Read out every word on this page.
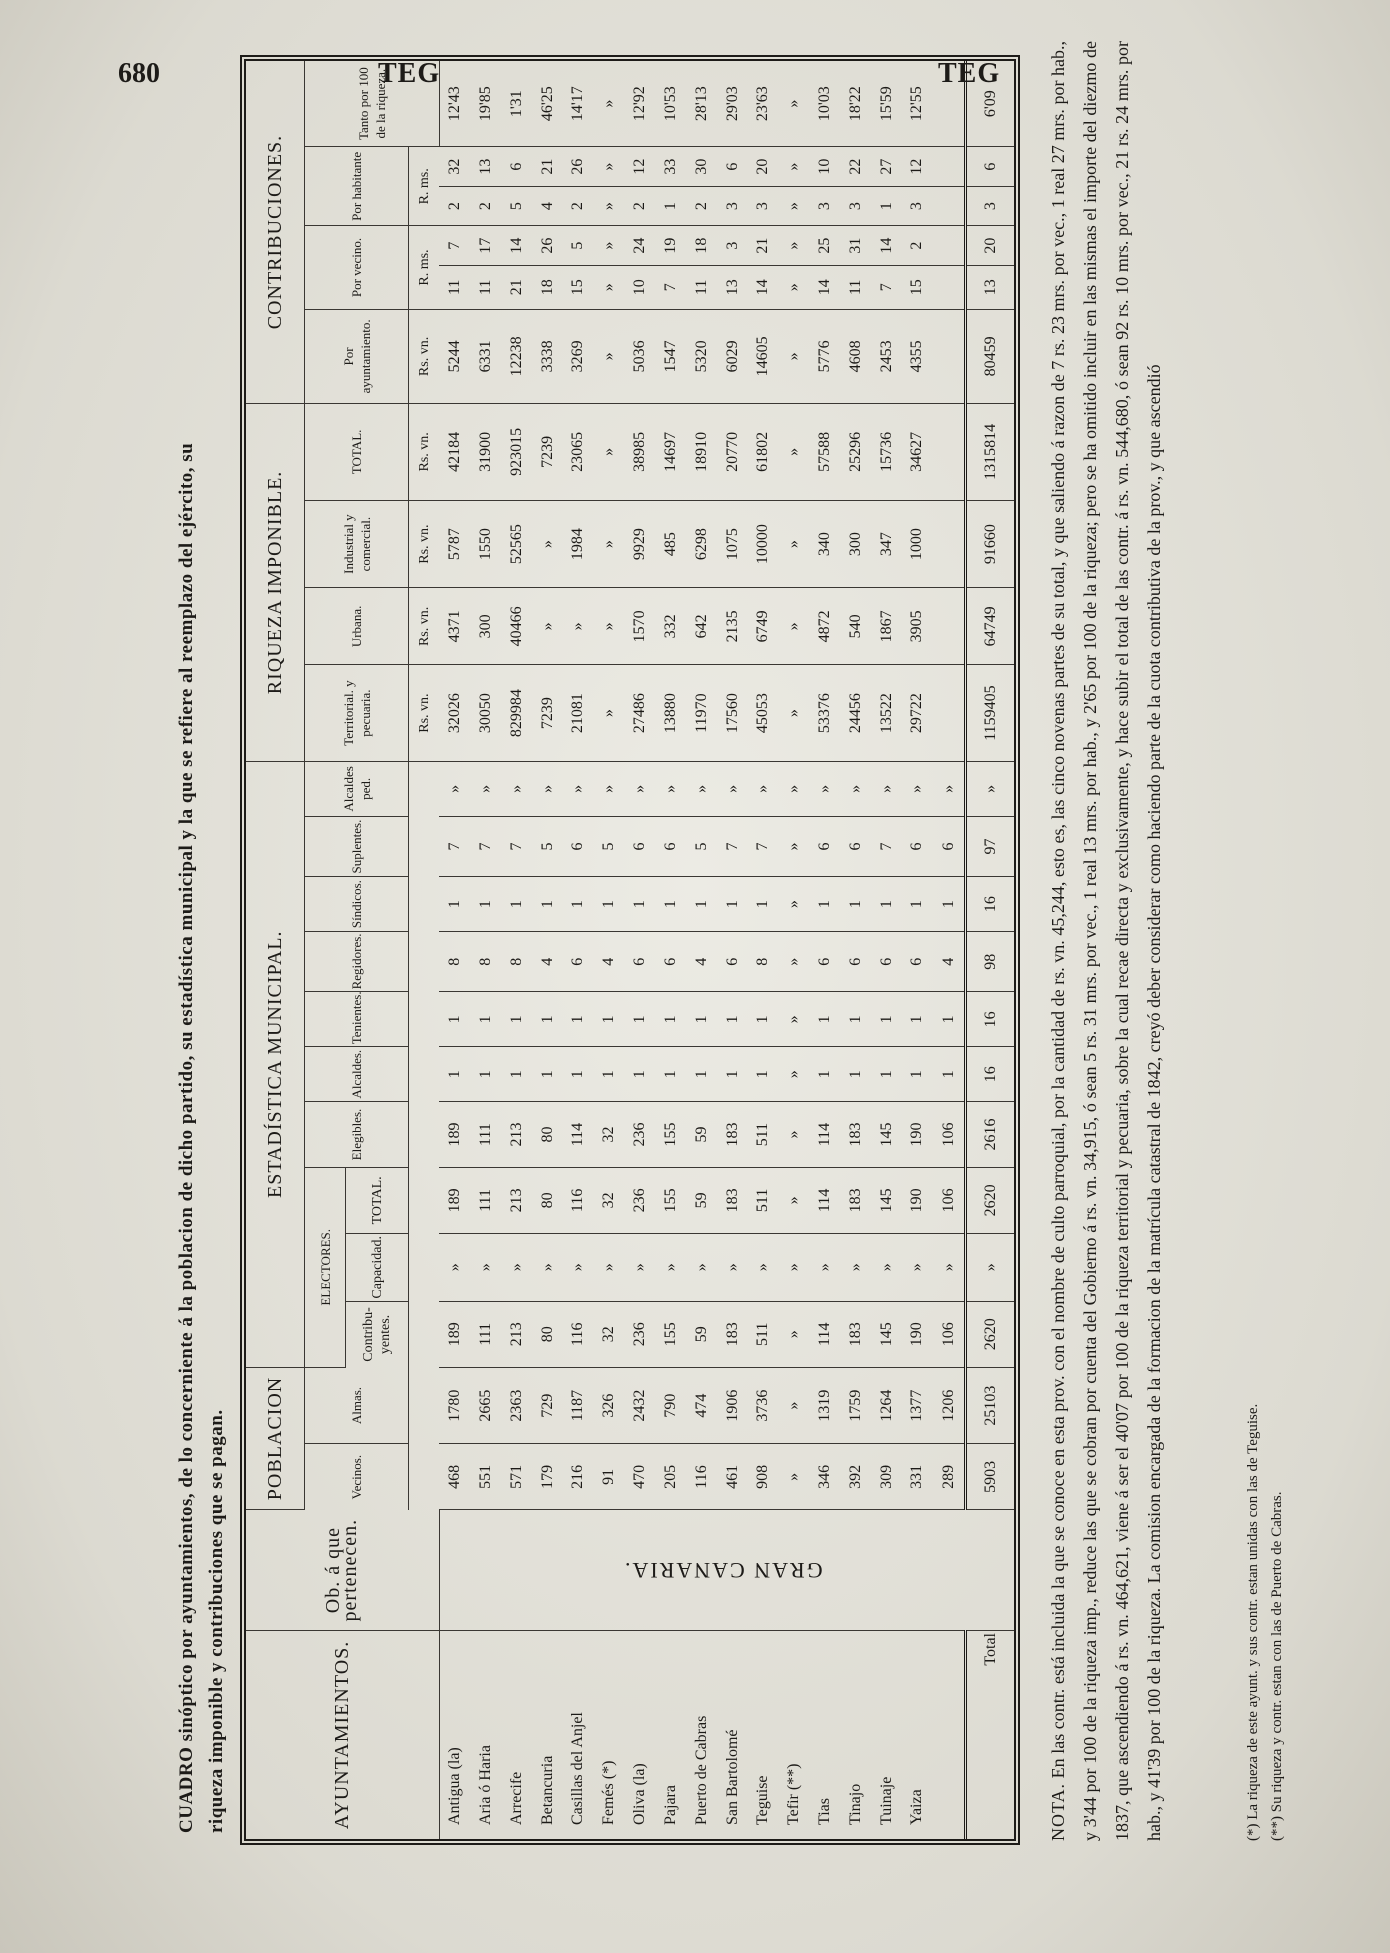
680	TEG	TEG
CUADRO sinóptico por ayuntamientos, de lo concerniente á la poblacion de dicho partido, su estadística municipal y la que se refiere al reemplazo del ejército, su riqueza imponible y contribuciones que se pagan.	AYUNTAMIENTOS.	Ob. á que pertenecen.	POBLACION		ESTADÍSTICA MUNICIPAL.										RIQUEZA IMPONIBLE.				CONTRIBUCIONES.					
		Vecinos.	Almas.	ELECTORES.			Elegibles.	Alcaldes.	Tenientes.	Regidores.	Síndicos.	Suplentes.	Alcaldes ped.	Territorial. y pecuaria.	Urbana.	Industrial y comercial.	TOTAL.	Por ayuntamiento.	Por vecino.		Por habitante		Tanto por 100 de la riqueza.
				Contribu-yentes.	Capacidad.	TOTAL.																	
														Rs. vn.	Rs. vn.	Rs. vn.	Rs. vn.	Rs. vn.	R. ms.		R. ms.		
Antigua (la)	GRAN CANARIA.	468	1780	189	»	189	189	1	1	8	1	7	»	32026	4371	5787	42184	5244	11	7	2	32	12'43
Aria ó Haria		551	2665	111	»	111	111	1	1	8	1	7	»	30050	300	1550	31900	6331	11	17	2	13	19'85
Arrecife		571	2363	213	»	213	213	1	1	8	1	7	»	829984	40466	52565	923015	12238	21	14	5	6	1'31
Betancuria		179	729	80	»	80	80	1	1	4	1	5	»	7239	»	»	7239	3338	18	26	4	21	46'25
Casillas del Anjel		216	1187	116	»	116	114	1	1	6	1	6	»	21081	»	1984	23065	3269	15	5	2	26	14'17
Femés (*)		91	326	32	»	32	32	1	1	4	1	5	»	»	»	»	»	»	»	»	»	»	»
Oliva (la)		470	2432	236	»	236	236	1	1	6	1	6	»	27486	1570	9929	38985	5036	10	24	2	12	12'92
Pajara		205	790	155	»	155	155	1	1	6	1	6	»	13880	332	485	14697	1547	7	19	1	33	10'53
Puerto de Cabras		116	474	59	»	59	59	1	1	4	1	5	»	11970	642	6298	18910	5320	11	18	2	30	28'13
San Bartolomé		461	1906	183	»	183	183	1	1	6	1	7	»	17560	2135	1075	20770	6029	13	3	3	6	29'03
Teguise		908	3736	511	»	511	511	1	1	8	1	7	»	45053	6749	10000	61802	14605	14	21	3	20	23'63
Tefir (**)		»	»	»	»	»	»	»	»	»	»	»	»	»	»	»	»	»	»	»	»	»	»
Tias		346	1319	114	»	114	114	1	1	6	1	6	»	53376	4872	340	57588	5776	14	25	3	10	10'03
Tinajo		392	1759	183	»	183	183	1	1	6	1	6	»	24456	540	300	25296	4608	11	31	3	22	18'22
Tuinaje		309	1264	145	»	145	145	1	1	6	1	7	»	13522	1867	347	15736	2453	7	14	1	27	15'59
Yaiza		331	1377	190	»	190	190	1	1	6	1	6	»	29722	3905	1000	34627	4355	15	2	3	12	12'55
		289	1206	106	»	106	106	1	1	4	1	6	»										
Total		5903	25103	2620	»	2620	2616	16	16	98	16	97	»	1159405	64749	91660	1315814	80459	13	20	3	6	6'09
NOTA. En las contr. está incluida la que se conoce en esta prov. con el nombre de culto parroquial, por la cantidad de rs. vn. 45,244, esto es, las cinco novenas partes de su total, y que saliendo á razon de 7 rs. 23 mrs. por vec., 1 real 27 mrs. por hab., y 3'44 por 100 de la riqueza imp., reduce las que se cobran por cuenta del Gobierno á rs. vn. 34,915, ó sean 5 rs. 31 mrs. por vec., 1 real 13 mrs. por hab., y 2'65 por 100 de la riqueza; pero se ha omitido incluir en las mismas el importe del diezmo de 1837, que ascendiendo á rs. vn. 464,621, viene á ser el 40'07 por 100 de la riqueza territorial y pecuaria, sobre la cual recae directa y exclusivamente, y hace subir el total de las contr. á rs. vn. 544,680, ó sean 92 rs. 10 mrs. por vec., 21 rs. 24 mrs. por hab., y 41'39 por 100 de la riqueza. La comision encargada de la formacion de la matrícula catastral de 1842, creyó deber considerar como haciendo parte de la cuota contributiva de la prov., y que ascendió	(*) La riqueza de este ayunt. y sus contr. estan unidas con las de Teguise. (**) Su riqueza y contr. estan con las de Puerto de Cabras.
